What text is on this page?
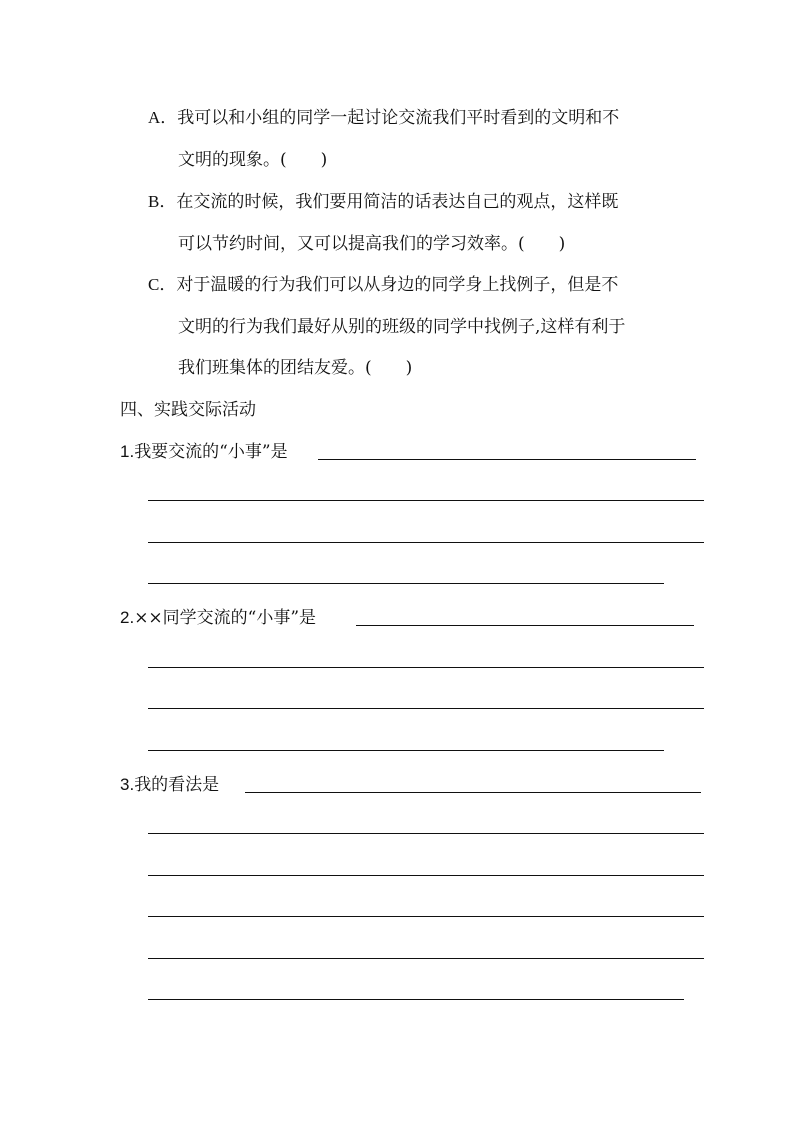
A．我可以和小组的同学一起讨论交流我们平时看到的文明和不
文明的现象。(　　)
B．在交流的时候，我们要用简洁的话表达自己的观点，这样既
可以节约时间，又可以提高我们的学习效率。(　　)
C．对于温暖的行为我们可以从身边的同学身上找例子，但是不
文明的行为我们最好从别的班级的同学中找例子,这样有利于
我们班集体的团结友爱。(　　)
四、实践交际活动
1.我要交流的“小事”是
2.××同学交流的“小事”是
3.我的看法是
